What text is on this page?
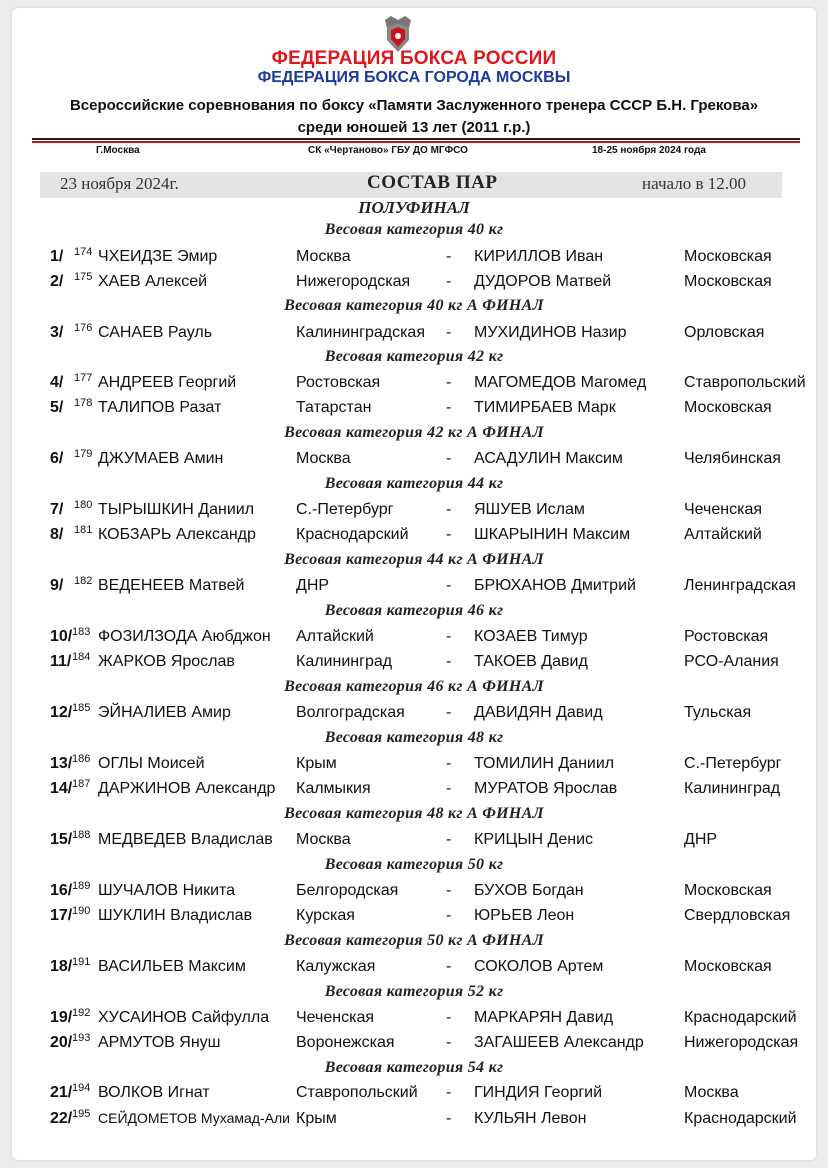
ФЕДЕРАЦИЯ БОКСА РОССИИ
ФЕДЕРАЦИЯ БОКСА ГОРОДА МОСКВЫ
Всероссийские соревнования по боксу «Памяти Заслуженного тренера СССР Б.Н. Грекова»
среди юношей 13 лет (2011 г.р.)
Г.Москва	СК «Чертаново» ГБУ ДО МГФСО	18-25 ноября 2024 года
23 ноября 2024г.	СОСТАВ ПАР	начало в 12.00
ПОЛУФИНАЛ
Весовая категория 40 кг
Весовая категория 40 кг А ФИНАЛ
Весовая категория 42 кг
Весовая категория 42 кг А ФИНАЛ
Весовая категория 44 кг
Весовая категория 44 кг А ФИНАЛ
Весовая категория 46 кг
Весовая категория 46 кг А ФИНАЛ
Весовая категория 48 кг
Весовая категория 48 кг А ФИНАЛ
Весовая категория 50 кг
Весовая категория 50 кг А ФИНАЛ
Весовая категория 52 кг
Весовая категория 54 кг
1/ 174 ЧХЕИДЗЕ Эмир	Москва	- КИРИЛЛОВ Иван	Московская
2/ 175 ХАЕВ Алексей	Нижегородская - ДУДОРОВ Матвей	Московская
3/ 176 САНАЕВ Рауль	Калининградская - МУХИДИНОВ Назир	Орловская
4/ 177 АНДРЕЕВ Георгий	Ростовская	- МАГОМЕДОВ Магомед Ставропольский
5/ 178 ТАЛИПОВ Разат	Татарстан	- ТИМИРБАЕВ Марк	Московская
6/ 179 ДЖУМАЕВ Амин	Москва	- АСАДУЛИН Максим	Челябинская
7/ 180 ТЫРЫШКИН Даниил	С.-Петербург	- ЯШУЕВ Ислам	Чеченская
8/ 181 КОБЗАРЬ Александр	Краснодарский - ШКАРЫНИН Максим	Алтайский
9/ 182 ВЕДЕНЕЕВ Матвей	ДНР	- БРЮХАНОВ Дмитрий	Ленинградская
10/ 183 ФОЗИЛЗОДА Аюбджон Алтайский	- КОЗАЕВ Тимур	Ростовская
11/ 184 ЖАРКОВ Ярослав	Калининград	- ТАКОЕВ Давид	РСО-Алания
12/ 185 ЭЙНАЛИЕВ Амир	Волгоградская	- ДАВИДЯН Давид	Тульская
13/ 186 ОГЛЫ Моисей	Крым	- ТОМИЛИН Даниил	С.-Петербург
14/ 187 ДАРЖИНОВ Александр Калмыкия	- МУРАТОВ Ярослав	Калининград
15/ 188 МЕДВЕДЕВ Владислав Москва	- КРИЦЫН Денис	ДНР
16/ 189 ШУЧАЛОВ Никита	Белгородская	- БУХОВ Богдан	Московская
17/ 190 ШУКЛИН Владислав	Курская	- ЮРЬЕВ Леон	Свердловская
18/ 191 ВАСИЛЬЕВ Максим	Калужская	- СОКОЛОВ Артем	Московская
19/ 192 ХУСАИНОВ Сайфулла Чеченская	- МАРКАРЯН Давид	Краснодарский
20/ 193 АРМУТОВ Януш	Воронежская	- ЗАГАШЕЕВ Александр	Нижегородская
21/ 194 ВОЛКОВ Игнат	Ставропольский - ГИНДИЯ Георгий	Москва
22/ 195 СЕЙДОМЕТОВ Мухамад-Али Крым	- КУЛЬЯН Левон	Краснодарский
